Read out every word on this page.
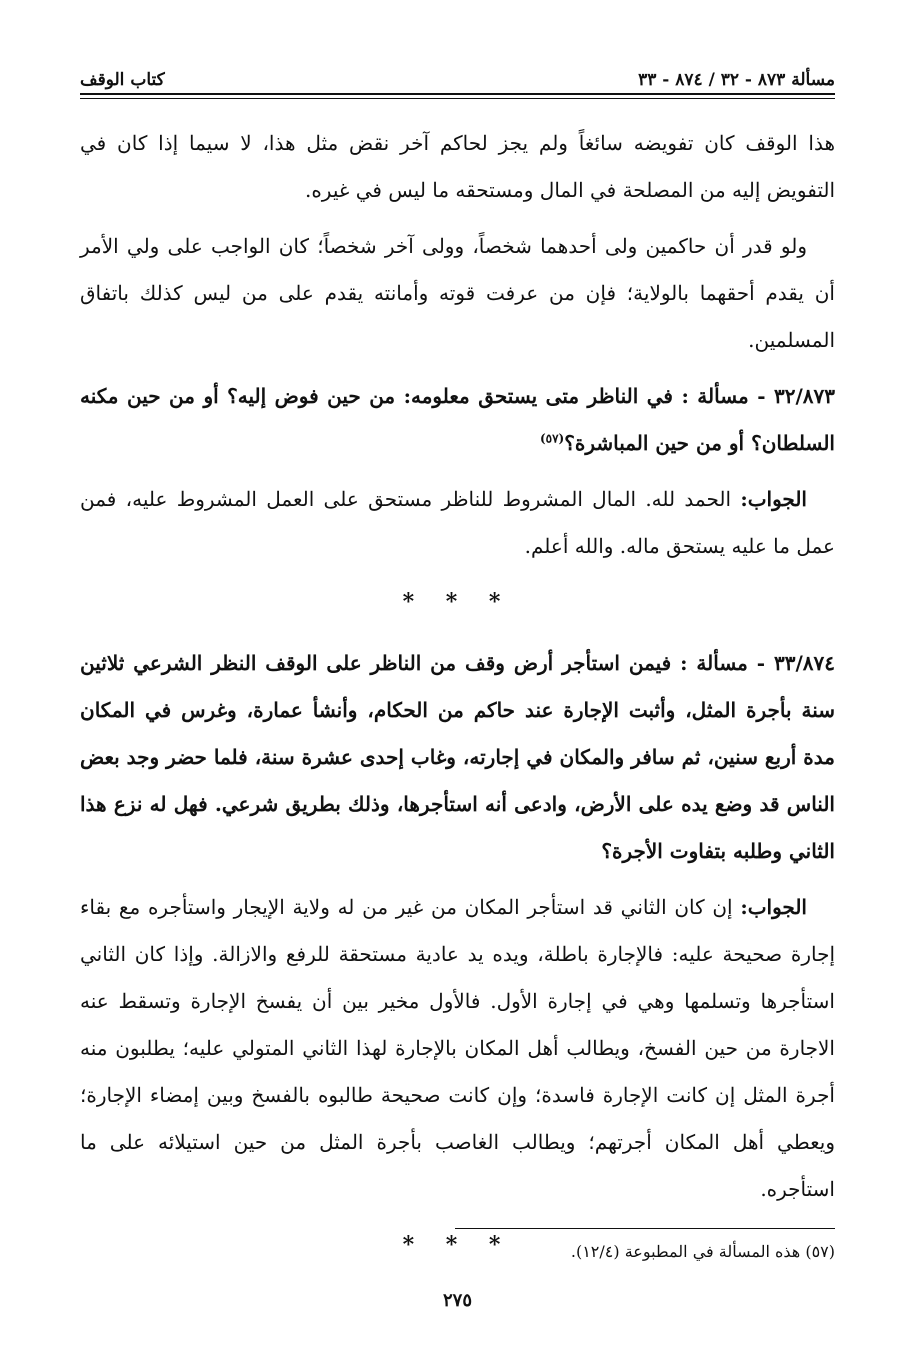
مسألة ٨٧٣ - ٣٢ / ٨٧٤ - ٣٣
كتاب الوقف

هذا الوقف كان تفويضه سائغاً ولم يجز لحاكم آخر نقض مثل هذا، لا سيما إذا كان في التفويض إليه من المصلحة في المال ومستحقه ما ليس في غيره.

ولو قدر أن حاكمين ولى أحدهما شخصاً، وولى آخر شخصاً؛ كان الواجب على ولي الأمر أن يقدم أحقهما بالولاية؛ فإن من عرفت قوته وأمانته يقدم على من ليس كذلك باتفاق المسلمين.

٣٢/٨٧٣ - مسألة : في الناظر متى يستحق معلومه: من حين فوض إليه؟ أو من حين مكنه السلطان؟ أو من حين المباشرة؟$^{(٥٧)}$

الجواب: الحمد لله. المال المشروط للناظر مستحق على العمل المشروط عليه، فمن عمل ما عليه يستحق ماله. والله أعلم.

* * *

٣٣/٨٧٤ - مسألة : فيمن استأجر أرض وقف من الناظر على الوقف النظر الشرعي ثلاثين سنة بأجرة المثل، وأثبت الإجارة عند حاكم من الحكام، وأنشأ عمارة، وغرس في المكان مدة أربع سنين، ثم سافر والمكان في إجارته، وغاب إحدى عشرة سنة، فلما حضر وجد بعض الناس قد وضع يده على الأرض، وادعى أنه استأجرها، وذلك بطريق شرعي. فهل له نزع هذا الثاني وطلبه بتفاوت الأجرة؟

الجواب: إن كان الثاني قد استأجر المكان من غير من له ولاية الإيجار واستأجره مع بقاء إجارة صحيحة عليه: فالإجارة باطلة، ويده يد عادية مستحقة للرفع والازالة. وإذا كان الثاني استأجرها وتسلمها وهي في إجارة الأول. فالأول مخير بين أن يفسخ الإجارة وتسقط عنه الاجارة من حين الفسخ، ويطالب أهل المكان بالإجارة لهذا الثاني المتولي عليه؛ يطلبون منه أجرة المثل إن كانت الإجارة فاسدة؛ وإن كانت صحيحة طالبوه بالفسخ وبين إمضاء الإجارة؛ ويعطي أهل المكان أجرتهم؛ ويطالب الغاصب بأجرة المثل من حين استيلائه على ما استأجره.

* * *	(٥٧) هذه المسألة في المطبوعة (١٢/٤).
٢٧٥
